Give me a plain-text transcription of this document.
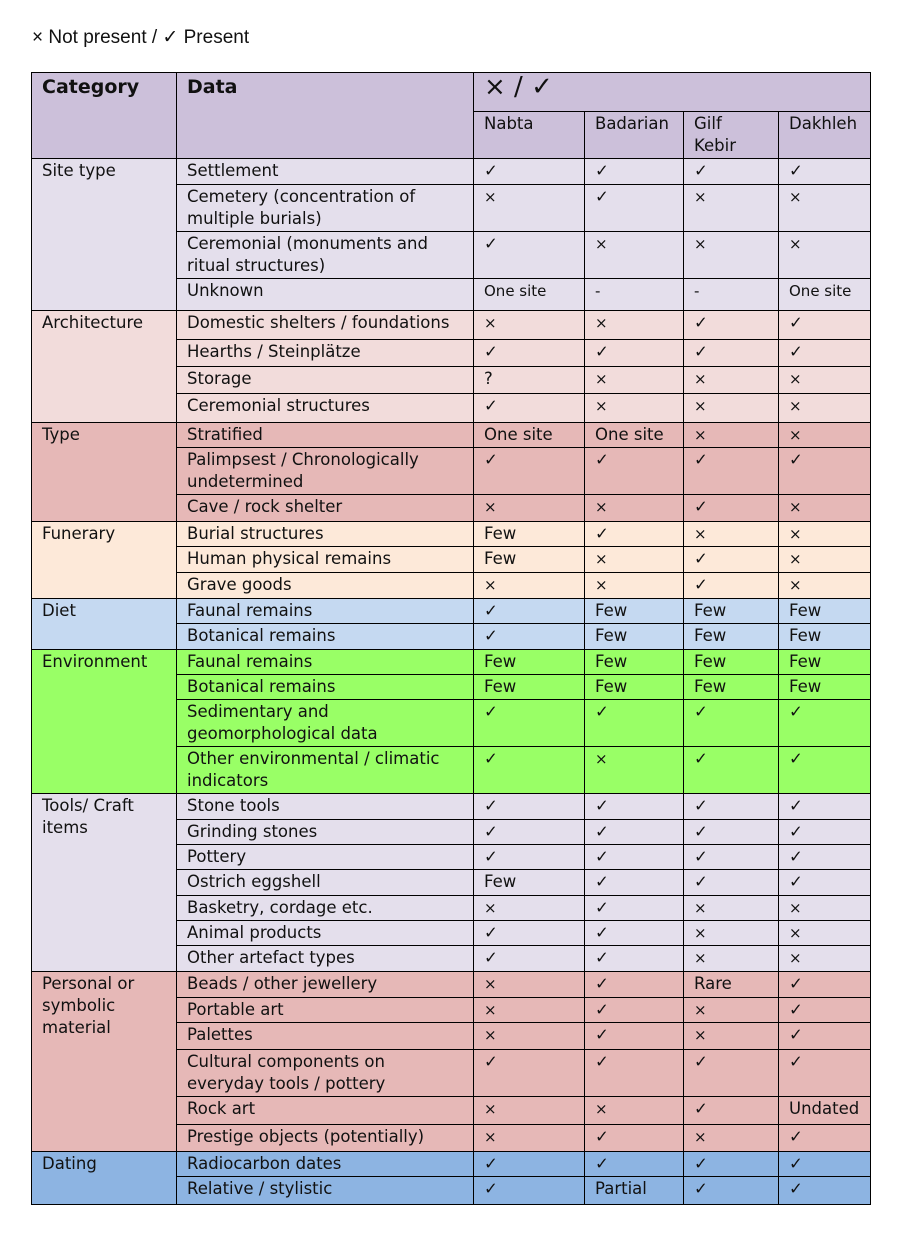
× Not present / ✓ Present
Category	Data	× / ✓			
		Nabta	Badarian	Gilf Kebir	Dakhleh
Site type	Settlement	✓	✓	✓	✓
	Cemetery (concentration of multiple burials)	×	✓	×	×
	Ceremonial (monuments and ritual structures)	✓	×	×	×
	Unknown	One site	-	-	One site
Architecture	Domestic shelters / foundations	×	×	✓	✓
	Hearths / Steinplätze	✓	✓	✓	✓
	Storage	?	×	×	×
	Ceremonial structures	✓	×	×	×
Type	Stratified	One site	One site	×	×
	Palimpsest / Chronologically undetermined	✓	✓	✓	✓
	Cave / rock shelter	×	×	✓	×
Funerary	Burial structures	Few	✓	×	×
	Human physical remains	Few	×	✓	×
	Grave goods	×	×	✓	×
Diet	Faunal remains	✓	Few	Few	Few
	Botanical remains	✓	Few	Few	Few
Environment	Faunal remains	Few	Few	Few	Few
	Botanical remains	Few	Few	Few	Few
	Sedimentary and geomorphological data	✓	✓	✓	✓
	Other environmental / climatic indicators	✓	×	✓	✓
Tools/ Craft items	Stone tools	✓	✓	✓	✓
	Grinding stones	✓	✓	✓	✓
	Pottery	✓	✓	✓	✓
	Ostrich eggshell	Few	✓	✓	✓
	Basketry, cordage etc.	×	✓	×	×
	Animal products	✓	✓	×	×
	Other artefact types	✓	✓	×	×
Personal or symbolic material	Beads / other jewellery	×	✓	Rare	✓
	Portable art	×	✓	×	✓
	Palettes	×	✓	×	✓
	Cultural components on everyday tools / pottery	✓	✓	✓	✓
	Rock art	×	×	✓	Undated
	Prestige objects (potentially)	×	✓	×	✓
Dating	Radiocarbon dates	✓	✓	✓	✓
	Relative / stylistic	✓	Partial	✓	✓
